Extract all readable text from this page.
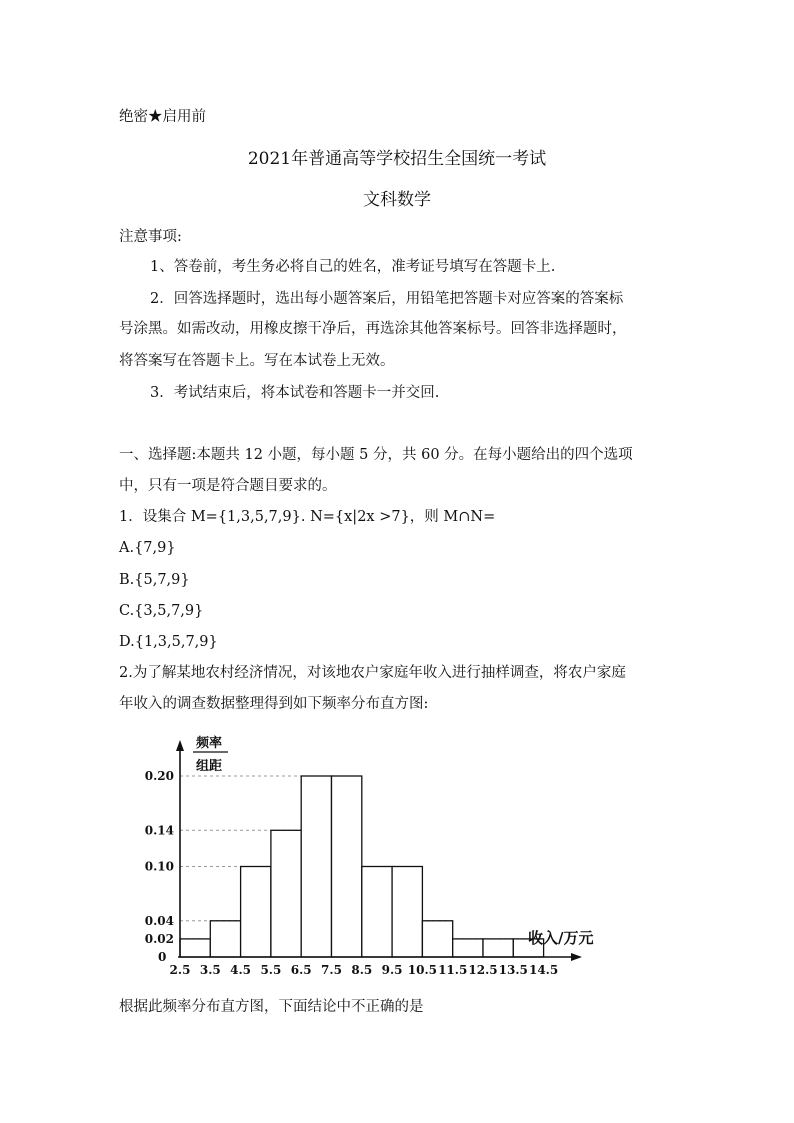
绝密★启用前
2021年普通高等学校招生全国统一考试
文科数学
注意事项:
1、答卷前，考生务必将自己的姓名，准考证号填写在答题卡上.
2．回答选择题时，选出每小题答案后，用铅笔把答题卡对应答案的答案标
号涂黑。如需改动，用橡皮擦干净后，再选涂其他答案标号。回答非选择题时，
将答案写在答题卡上。写在本试卷上无效。
3．考试结束后，将本试卷和答题卡一并交回.
一、选择题:本题共 12 小题，每小题 5 分，共 60 分。在每小题给出的四个选项
中，只有一项是符合题目要求的。
1．设集合 M={1,3,5,7,9}. N={x|2x >7}，则 M∩N=
A.{7,9}
B.{5,7,9}
C.{3,5,7,9}
D.{1,3,5,7,9}
2.为了解某地农村经济情况，对该地农户家庭年收入进行抽样调查，将农户家庭
年收入的调查数据整理得到如下频率分布直方图:
频率
组距
收入/万元
0
0.02
0.04
0.10
0.14
0.20
2.5 3.5 4.5 5.5 6.5 7.5 8.5 9.5 10.5 11.5 12.5 13.5 14.5
根据此频率分布直方图，下面结论中不正确的是
